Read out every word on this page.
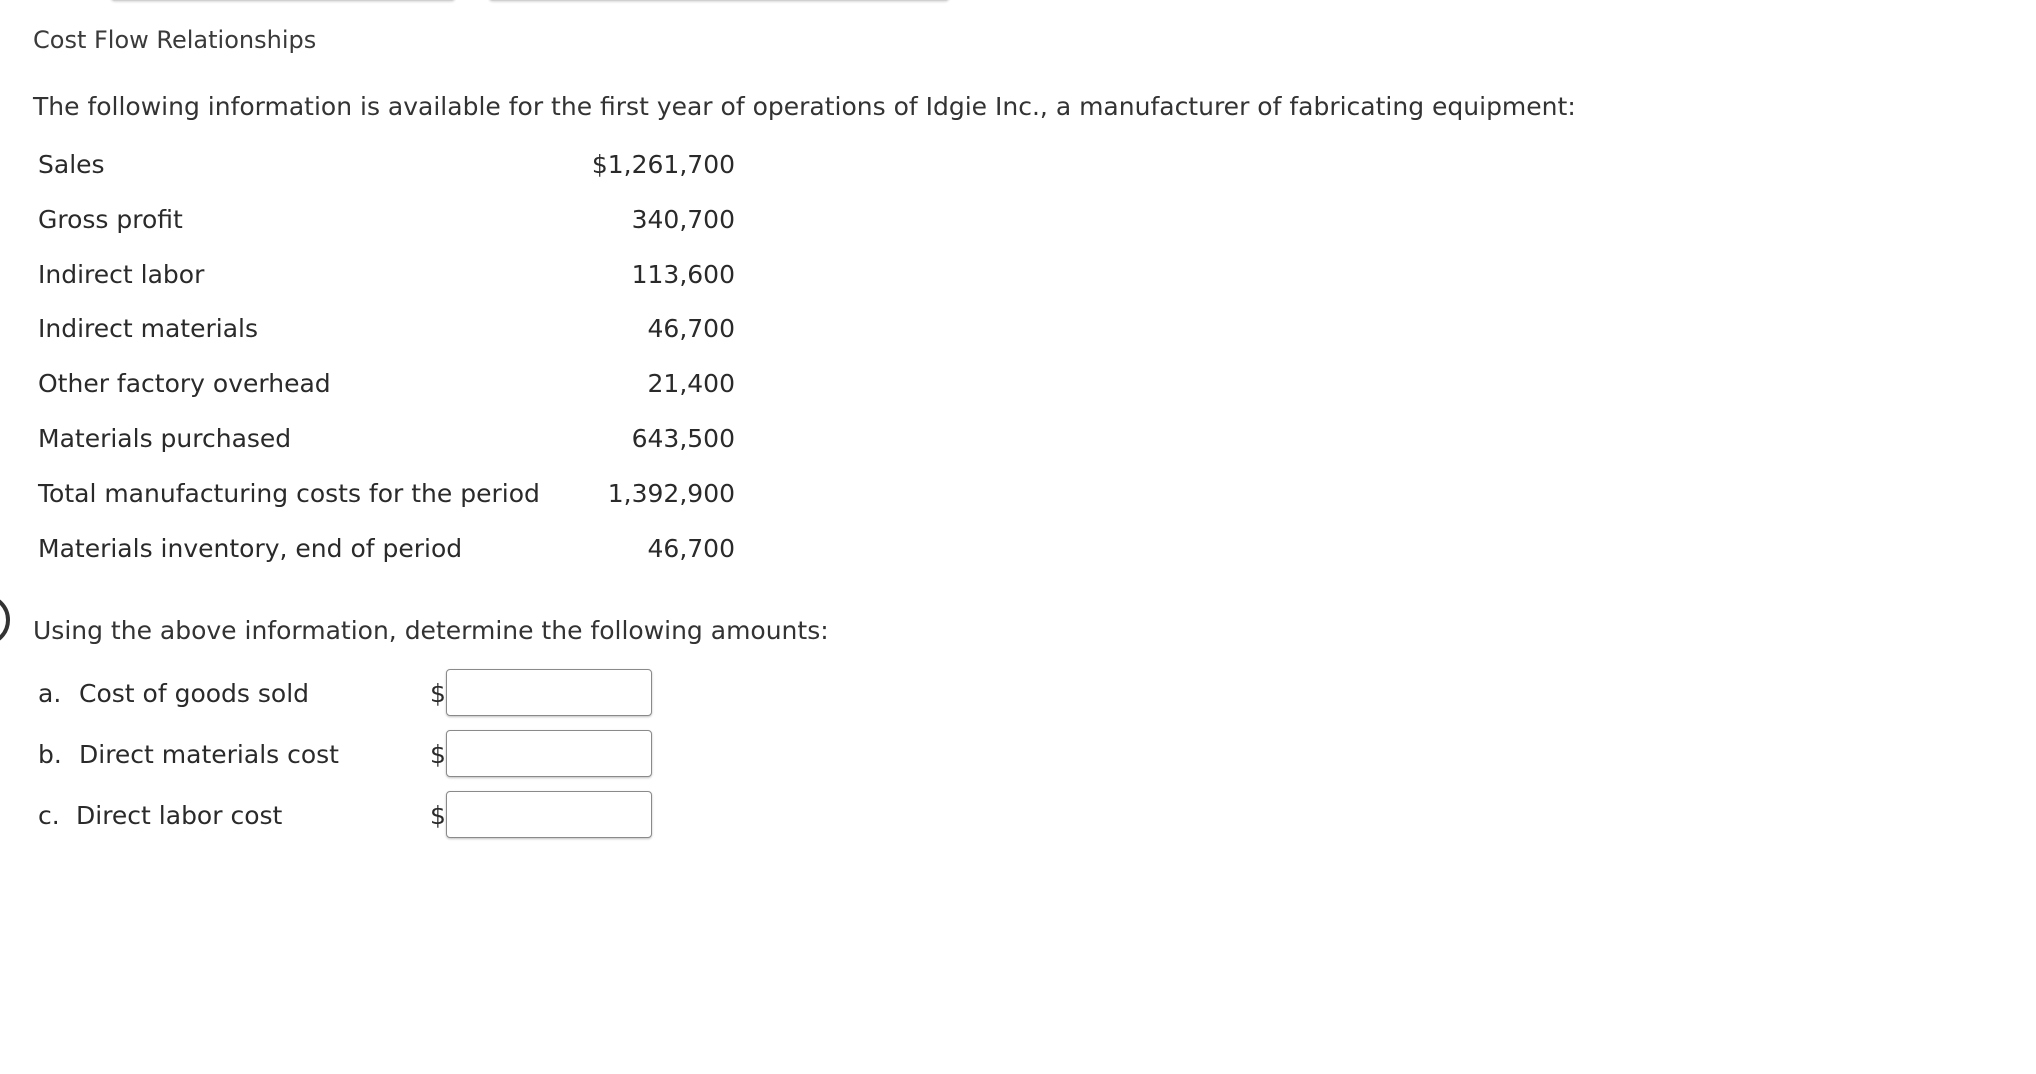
Cost Flow Relationships
The following information is available for the first year of operations of Idgie Inc., a manufacturer of fabricating equipment:
Sales	$1,261,700
Gross profit	340,700
Indirect labor	113,600
Indirect materials	46,700
Other factory overhead	21,400
Materials purchased	643,500
Total manufacturing costs for the period	1,392,900
Materials inventory, end of period	46,700
Using the above information, determine the following amounts:
a. Cost of goods sold	$
b. Direct materials cost	$
c. Direct labor cost	$
